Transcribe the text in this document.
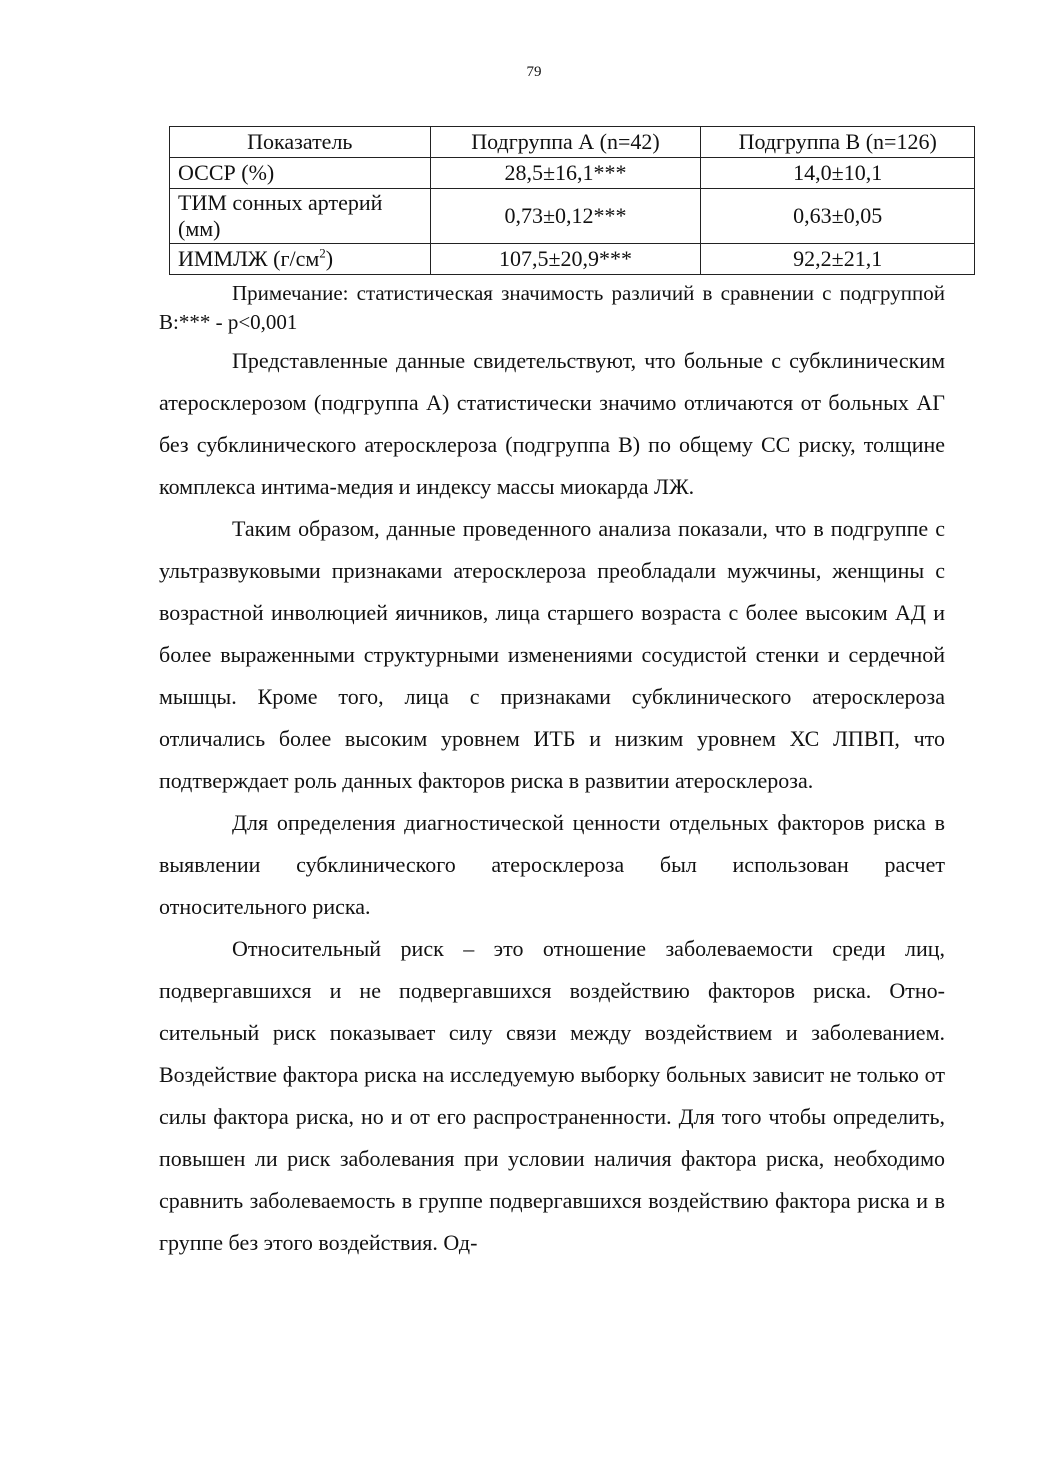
79
Показатель	Подгруппа А (n=42)	Подгруппа В (n=126)
ОССР (%)	28,5±16,1***	14,0±10,1
ТИМ сонных артерий (мм)	0,73±0,12***	0,63±0,05
ИММЛЖ $(г/см^2)$	107,5±20,9***	92,2±21,1

Примечание: статистическая значимость различий в сравнении с подгруппой В:*** - р<0,001

Представленные данные свидетельствуют, что больные с субклиническим атеросклерозом (подгруппа А) статистически значимо отличаются от больных АГ без субклинического атеросклероза (подгруппа В) по общему СС риску, толщине комплекса интима-медия и индексу массы миокарда ЛЖ.

Таким образом, данные проведенного анализа показали, что в подгруппе с ультразвуковыми признаками атеросклероза преобладали мужчины, женщины с возрастной инволюцией яичников, лица старшего возраста с более высоким АД и более выраженными структурными изменениями сосудистой стенки и сердечной мышцы. Кроме того, лица с признаками субклинического атеросклероза отличались более высоким уровнем ИТБ и низким уровнем ХС ЛПВП, что подтверждает роль данных факторов риска в развитии атеросклероза.

Для определения диагностической ценности отдельных факторов риска в выявлении субклинического атеросклероза был использован расчет относительного риска.

Относительный риск – это отношение заболеваемости среди лиц, подвергавшихся и не подвергавшихся воздействию факторов риска. Относительный риск показывает силу связи между воздействием и заболеванием. Воздействие фактора риска на исследуемую выборку больных зависит не только от силы фактора риска, но и от его распространенности. Для того чтобы определить, повышен ли риск заболевания при условии наличия фактора риска, необходимо сравнить заболеваемость в группе подвергавшихся воздействию фактора риска и в группе без этого воздействия. Од-
